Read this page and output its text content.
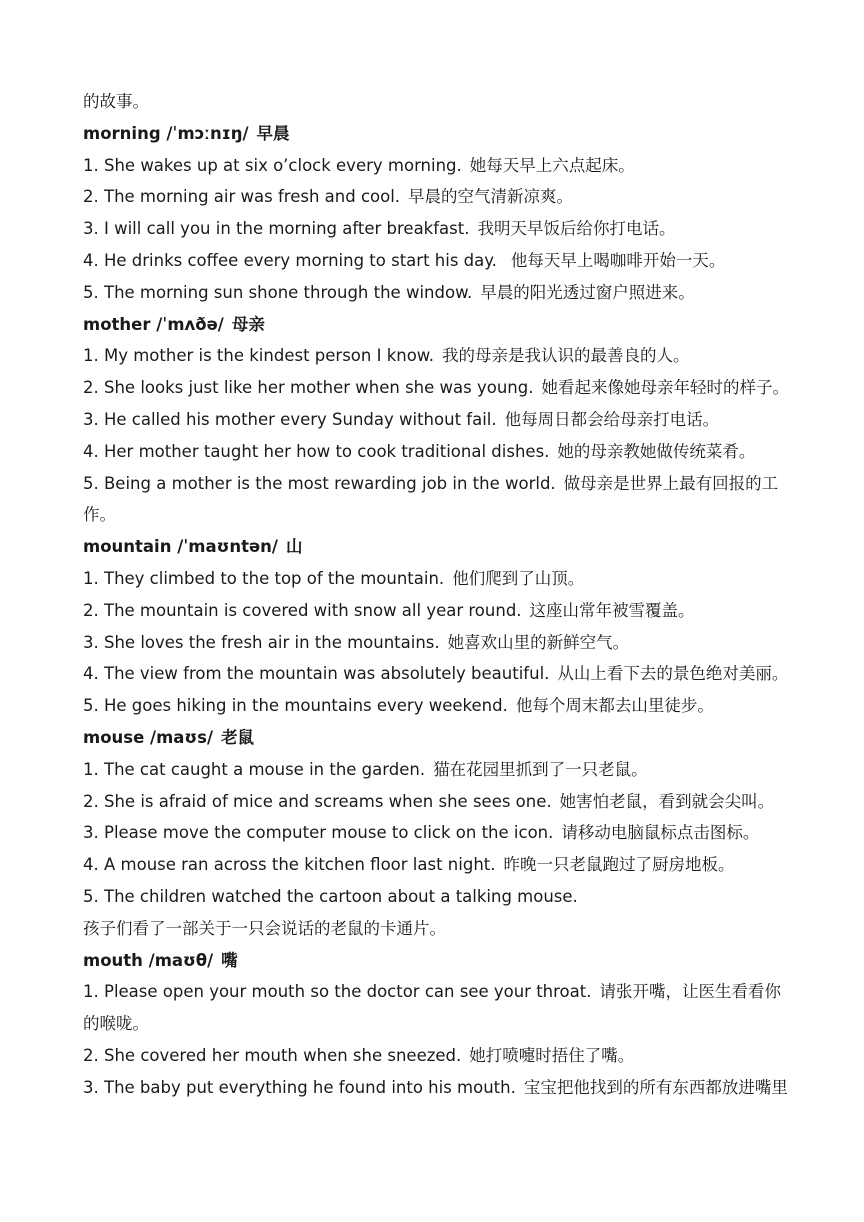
的故事。
morning /ˈmɔːnɪŋ/ 早晨
1. She wakes up at six o’clock every morning. 她每天早上六点起床。
2. The morning air was fresh and cool. 早晨的空气清新凉爽。
3. I will call you in the morning after breakfast. 我明天早饭后给你打电话。
4. He drinks coffee every morning to start his day. 他每天早上喝咖啡开始一天。
5. The morning sun shone through the window. 早晨的阳光透过窗户照进来。
mother /ˈmʌðə/ 母亲
1. My mother is the kindest person I know. 我的母亲是我认识的最善良的人。
2. She looks just like her mother when she was young. 她看起来像她母亲年轻时的样子。
3. He called his mother every Sunday without fail. 他每周日都会给母亲打电话。
4. Her mother taught her how to cook traditional dishes. 她的母亲教她做传统菜肴。
5. Being a mother is the most rewarding job in the world. 做母亲是世界上最有回报的工作。
mountain /ˈmaʊntən/ 山
1. They climbed to the top of the mountain. 他们爬到了山顶。
2. The mountain is covered with snow all year round. 这座山常年被雪覆盖。
3. She loves the fresh air in the mountains. 她喜欢山里的新鲜空气。
4. The view from the mountain was absolutely beautiful. 从山上看下去的景色绝对美丽。
5. He goes hiking in the mountains every weekend. 他每个周末都去山里徒步。
mouse /maʊs/ 老鼠
1. The cat caught a mouse in the garden. 猫在花园里抓到了一只老鼠。
2. She is afraid of mice and screams when she sees one. 她害怕老鼠，看到就会尖叫。
3. Please move the computer mouse to click on the icon. 请移动电脑鼠标点击图标。
4. A mouse ran across the kitchen floor last night. 昨晚一只老鼠跑过了厨房地板。
5. The children watched the cartoon about a talking mouse.
孩子们看了一部关于一只会说话的老鼠的卡通片。
mouth /maʊθ/ 嘴
1. Please open your mouth so the doctor can see your throat. 请张开嘴，让医生看看你的喉咙。
2. She covered her mouth when she sneezed. 她打喷嚏时捂住了嘴。
3. The baby put everything he found into his mouth. 宝宝把他找到的所有东西都放进嘴里
